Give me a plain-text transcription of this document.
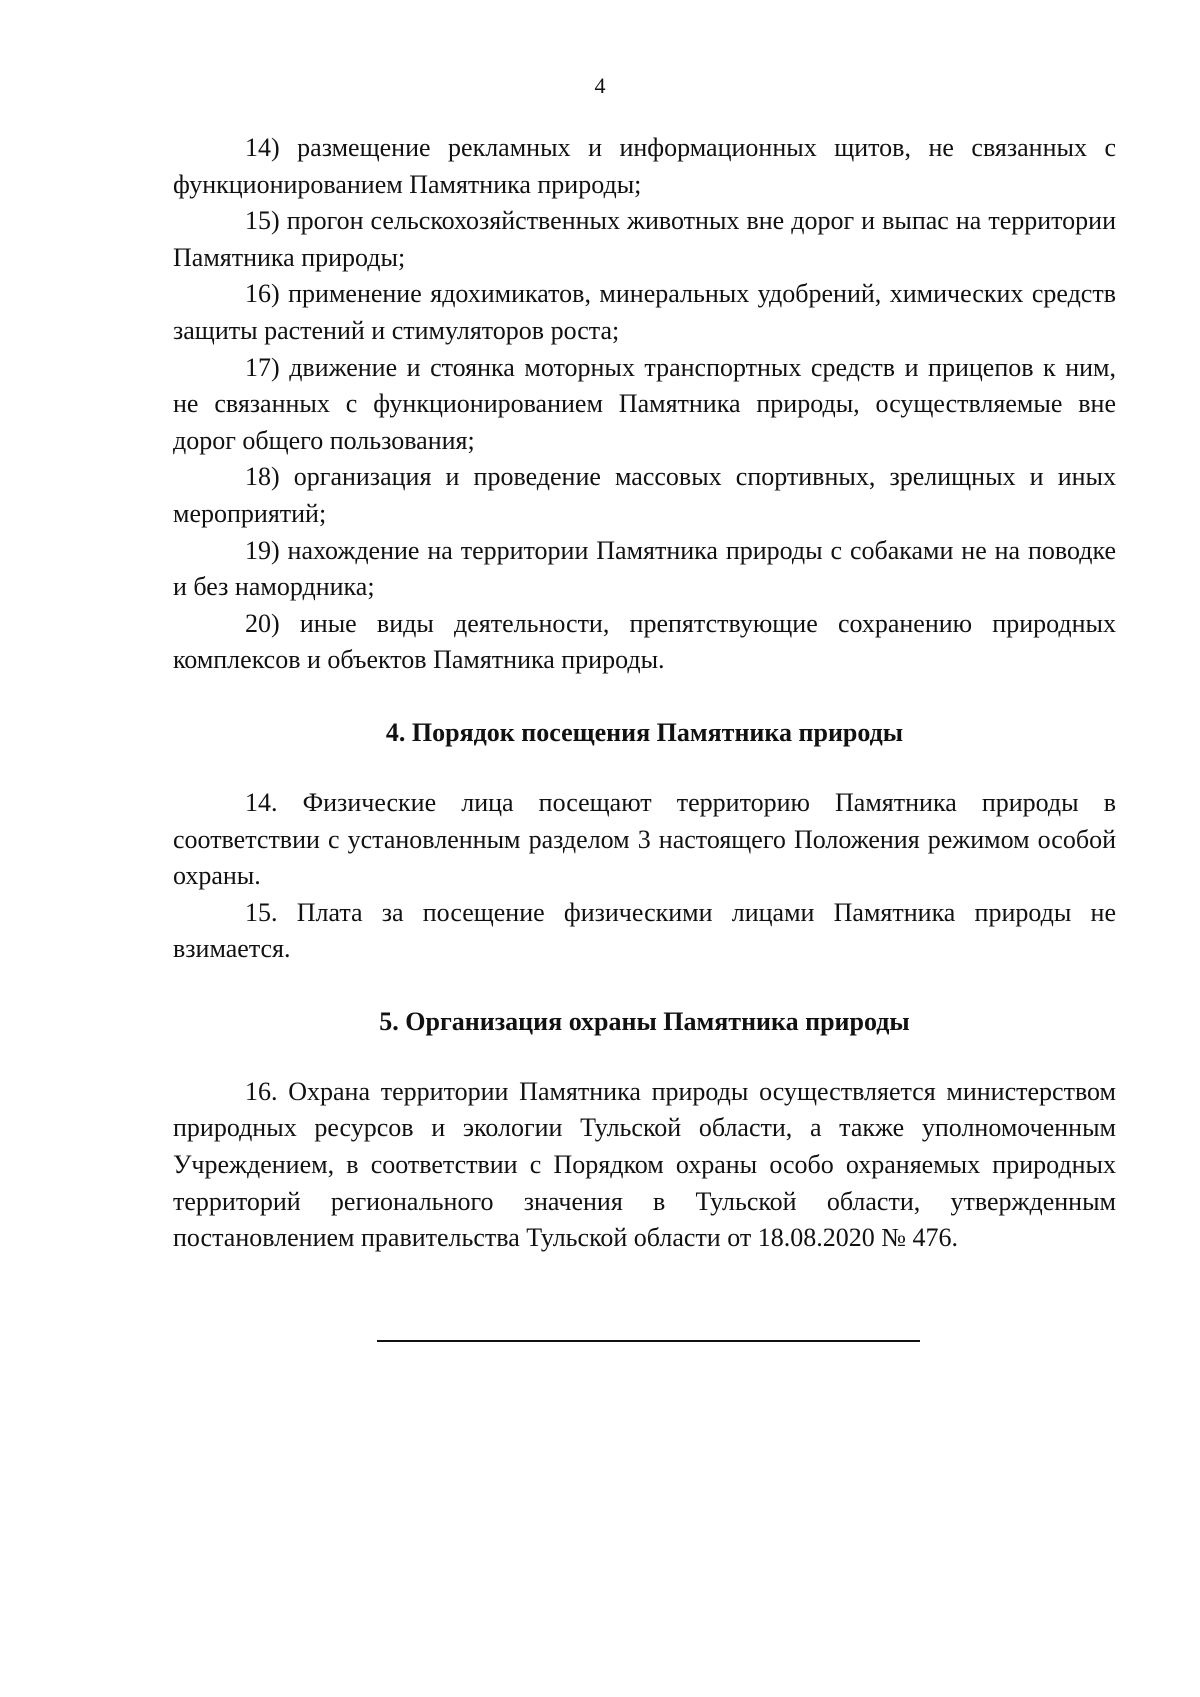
4

14) размещение рекламных и информационных щитов, не связанных с функционированием Памятника природы;

15) прогон сельскохозяйственных животных вне дорог и выпас на территории Памятника природы;

16) применение ядохимикатов, минеральных удобрений, химических средств защиты растений и стимуляторов роста;

17) движение и стоянка моторных транспортных средств и прицепов к ним, не связанных с функционированием Памятника природы, осуществляемые вне дорог общего пользования;

18) организация и проведение массовых спортивных, зрелищных и иных мероприятий;

19) нахождение на территории Памятника природы с собаками не на поводке и без намордника;

20) иные виды деятельности, препятствующие сохранению природных комплексов и объектов Памятника природы.

4. Порядок посещения Памятника природы

14. Физические лица посещают территорию Памятника природы в соответствии с установленным разделом 3 настоящего Положения режимом особой охраны.

15. Плата за посещение физическими лицами Памятника природы не взимается.

5. Организация охраны Памятника природы

16. Охрана территории Памятника природы осуществляется министерством природных ресурсов и экологии Тульской области, а также уполномоченным Учреждением, в соответствии с Порядком охраны особо охраняемых природных территорий регионального значения в Тульской области, утвержденным постановлением правительства Тульской области от 18.08.2020 № 476.
